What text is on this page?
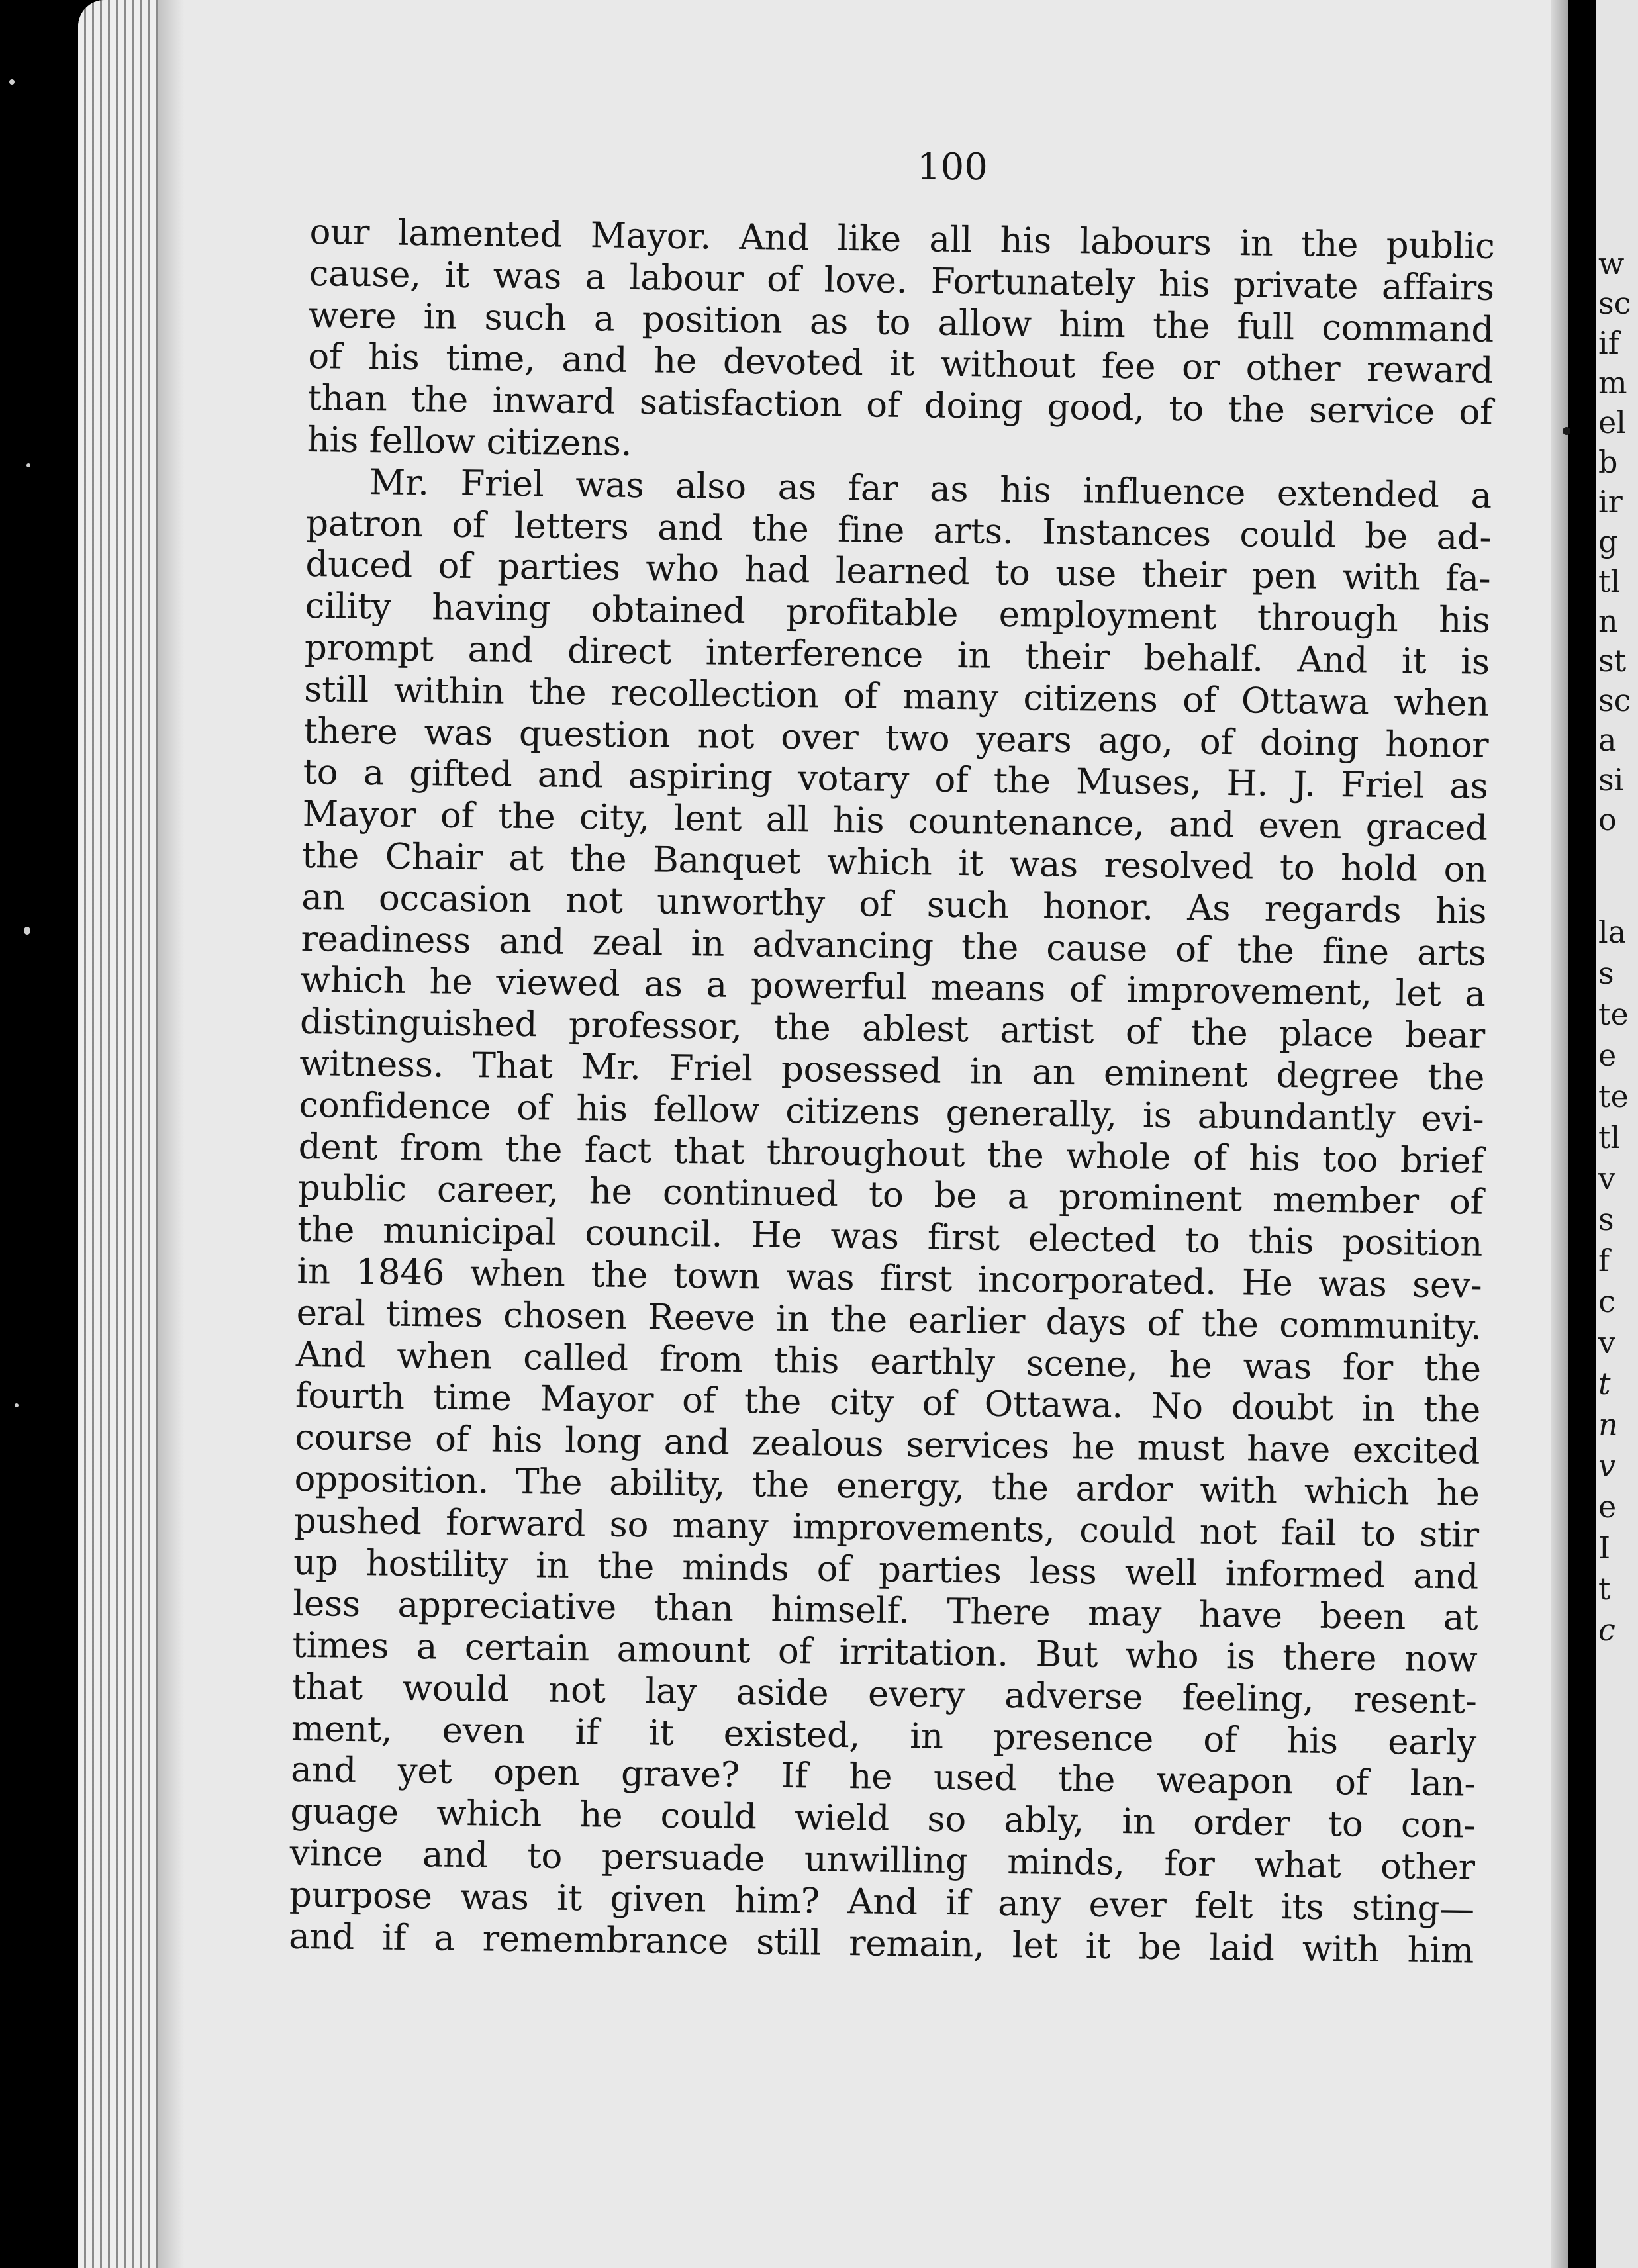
w
sc
if
m
el
b
ir
g
tl
n
st
sc
a
si
o
la
s
te
e
te
tl
v
s
f
c
v
t
n
v
e
I
t
c
100
our lamented Mayor. And like all his labours in the public
cause, it was a labour of love. Fortunately his private affairs
were in such a position as to allow him the full command
of his time, and he devoted it without fee or other reward
than the inward satisfaction of doing good, to the service of
his fellow citizens.
Mr. Friel was also as far as his influence extended a
patron of letters and the fine arts. Instances could be ad-
duced of parties who had learned to use their pen with fa-
cility having obtained profitable employment through his
prompt and direct interference in their behalf. And it is
still within the recollection of many citizens of Ottawa when
there was question not over two years ago, of doing honor
to a gifted and aspiring votary of the Muses, H. J. Friel as
Mayor of the city, lent all his countenance, and even graced
the Chair at the Banquet which it was resolved to hold on
an occasion not unworthy of such honor. As regards his
readiness and zeal in advancing the cause of the fine arts
which he viewed as a powerful means of improvement, let a
distinguished professor, the ablest artist of the place bear
witness. That Mr. Friel posessed in an eminent degree the
confidence of his fellow citizens generally, is abundantly evi-
dent from the fact that throughout the whole of his too brief
public career, he continued to be a prominent member of
the municipal council. He was first elected to this position
in 1846 when the town was first incorporated. He was sev-
eral times chosen Reeve in the earlier days of the community.
And when called from this earthly scene, he was for the
fourth time Mayor of the city of Ottawa. No doubt in the
course of his long and zealous services he must have excited
opposition. The ability, the energy, the ardor with which he
pushed forward so many improvements, could not fail to stir
up hostility in the minds of parties less well informed and
less appreciative than himself. There may have been at
times a certain amount of irritation. But who is there now
that would not lay aside every adverse feeling, resent-
ment, even if it existed, in presence of his early
and yet open grave? If he used the weapon of lan-
guage which he could wield so ably, in order to con-
vince and to persuade unwilling minds, for what other
purpose was it given him? And if any ever felt its sting—
and if a remembrance still remain, let it be laid with him
